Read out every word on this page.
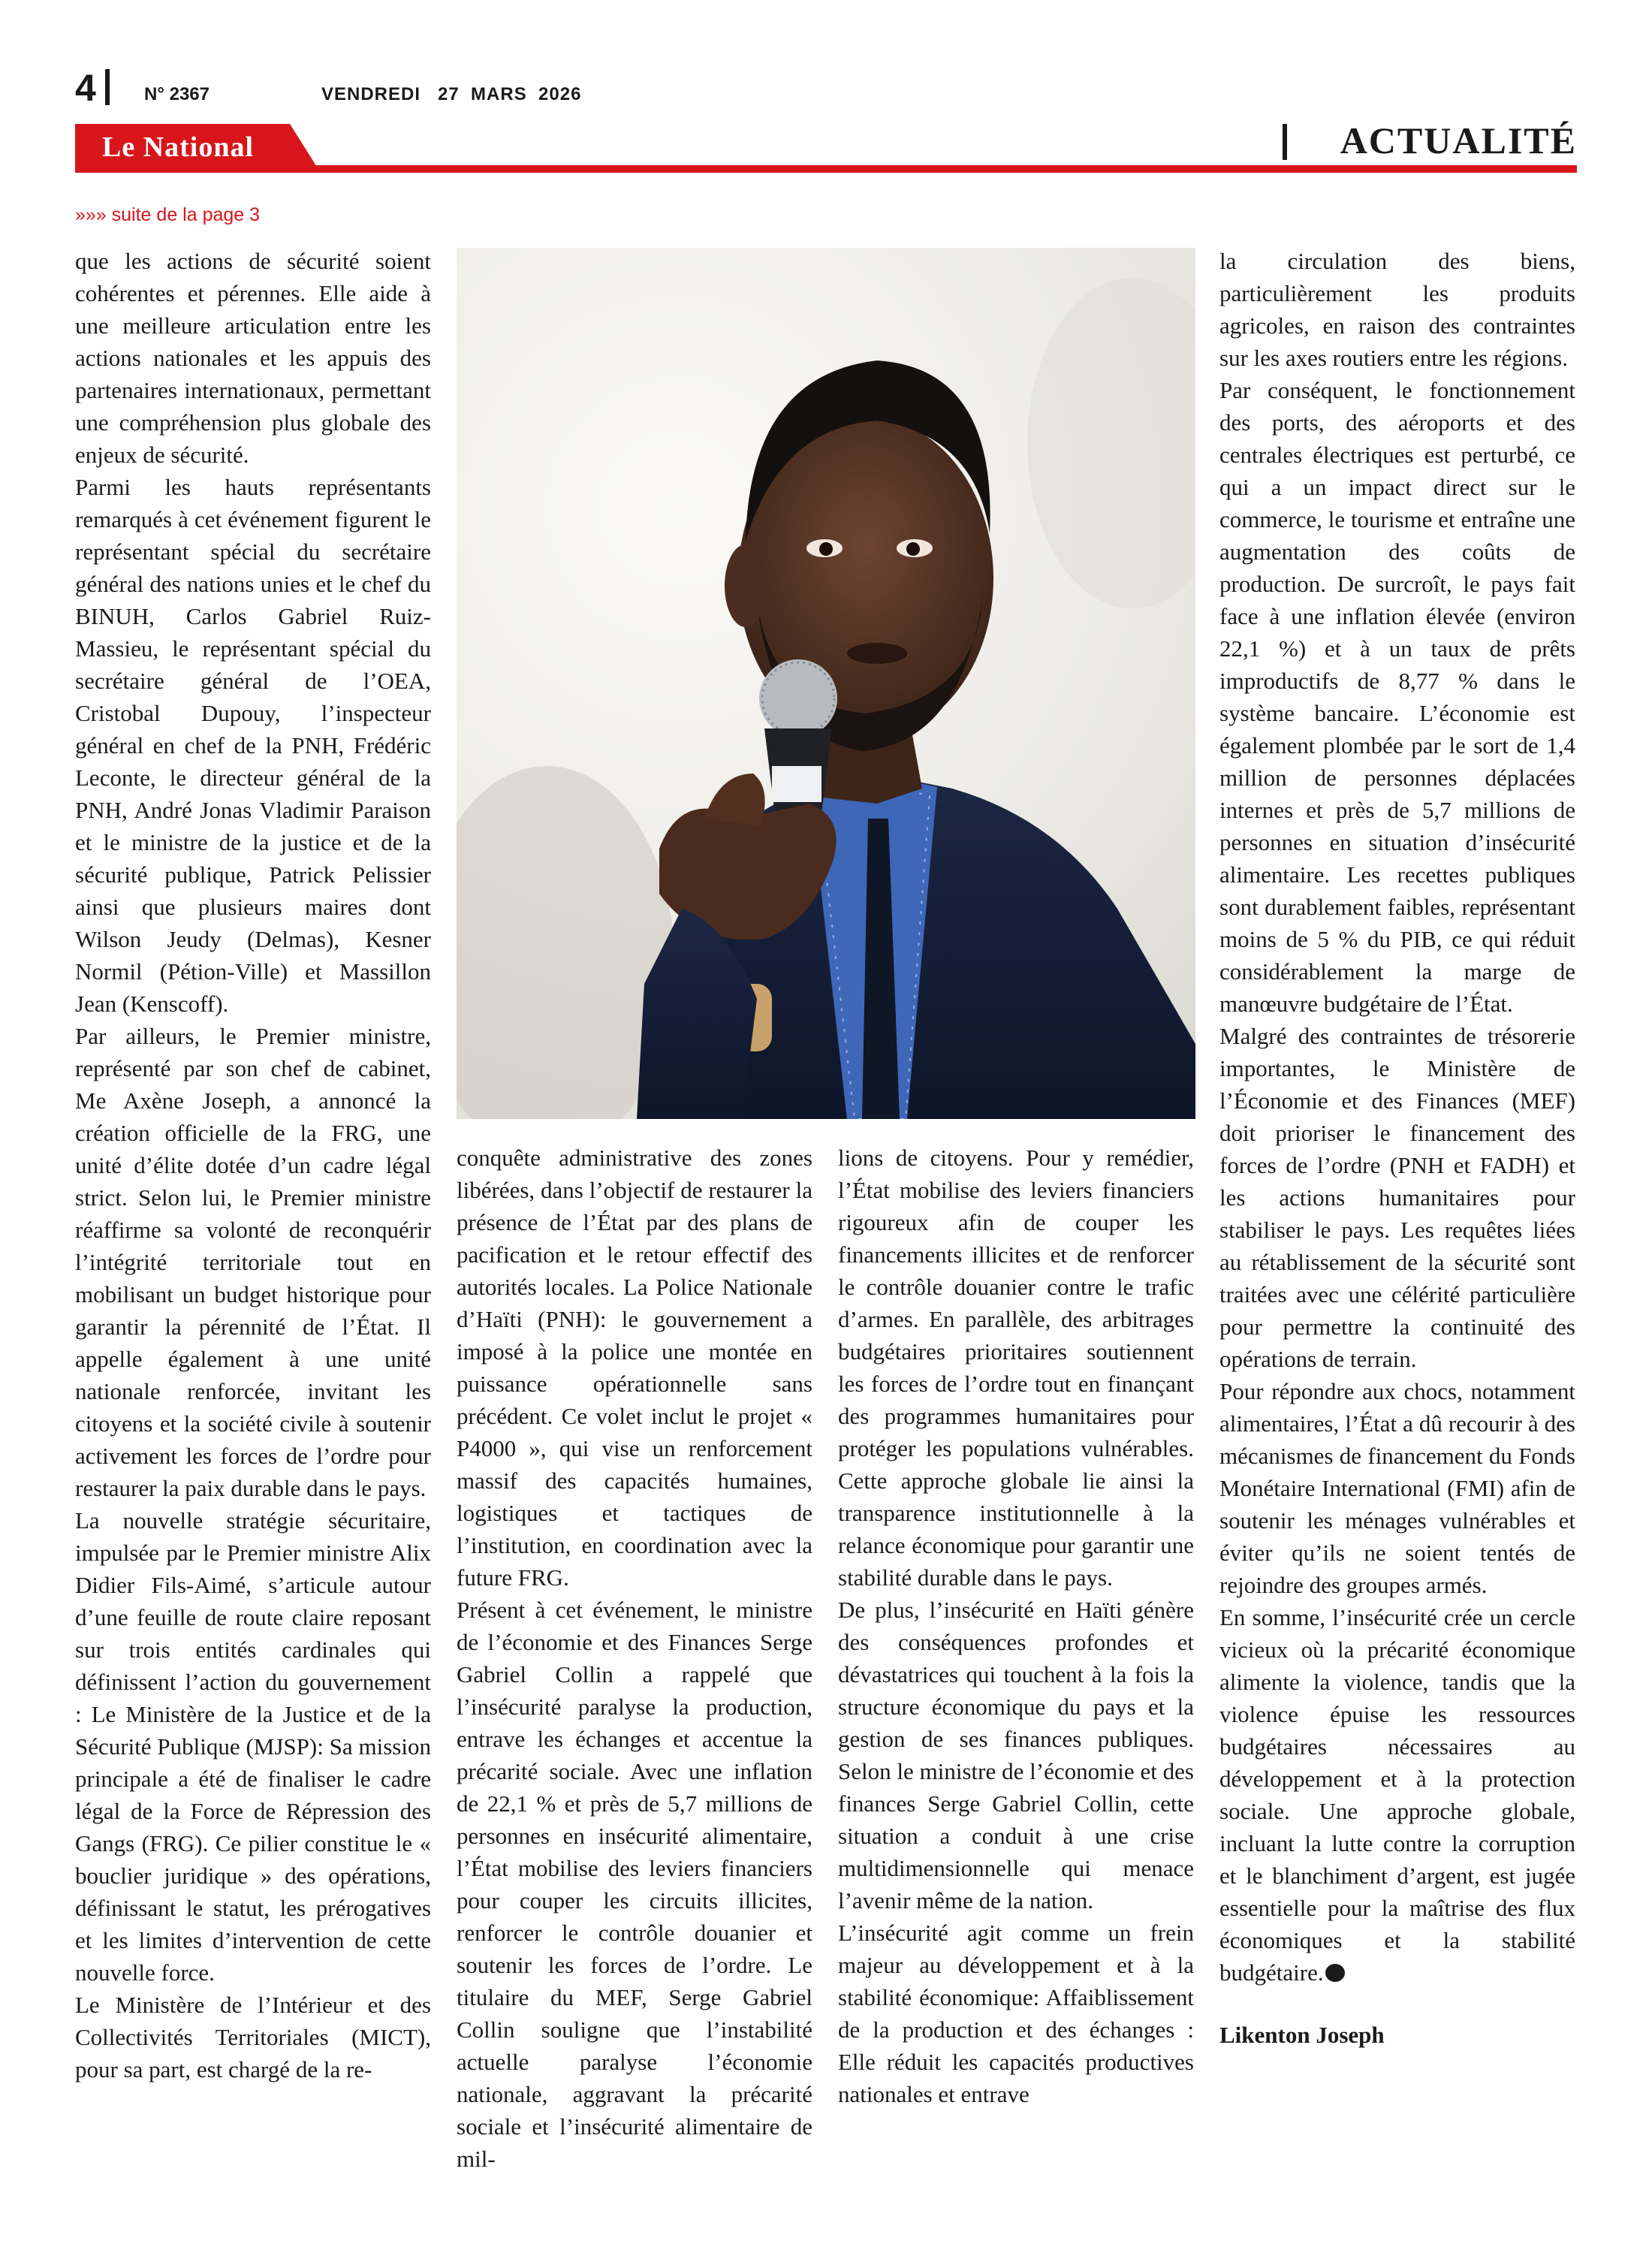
4	N° 2367	VENDREDI   27  MARS  2026
Le National	ACTUALITÉ
»»» suite de la page 3

que les actions de sécurité soient cohérentes et pérennes. Elle aide à une meilleure articulation entre les actions nationales et les appuis des partenaires internationaux, permettant une compréhension plus globale des enjeux de sécurité.

Parmi les hauts représentants remarqués à cet événement figurent le représentant spécial du secrétaire général des nations unies et le chef du BINUH, Carlos Gabriel Ruiz-Massieu, le représentant spécial du secrétaire général de l’OEA, Cristobal Dupouy, l’inspecteur général en chef de la PNH, Frédéric Leconte, le directeur général de la PNH, André Jonas Vladimir Paraison et le ministre de la justice et de la sécurité publique, Patrick Pelissier ainsi que plusieurs maires dont Wilson Jeudy (Delmas), Kesner Normil (Pétion-Ville) et Massillon Jean (Kenscoff).

Par ailleurs, le Premier ministre, représenté par son chef de cabinet, Me Axène Joseph, a annoncé la création officielle de la FRG, une unité d’élite dotée d’un cadre légal strict. Selon lui, le Premier ministre réaffirme sa volonté de reconquérir l’intégrité territoriale tout en mobilisant un budget historique pour garantir la pérennité de l’État. Il appelle également à une unité nationale renforcée, invitant les citoyens et la société civile à soutenir activement les forces de l’ordre pour restaurer la paix durable dans le pays.

La nouvelle stratégie sécuritaire, impulsée par le Premier ministre Alix Didier Fils-Aimé, s’articule autour d’une feuille de route claire reposant sur trois entités cardinales qui définissent l’action du gouvernement : Le Ministère de la Justice et de la Sécurité Publique (MJSP): Sa mission principale a été de finaliser le cadre légal de la Force de Répression des Gangs (FRG). Ce pilier constitue le « bouclier juridique » des opérations, définissant le statut, les prérogatives et les limites d’intervention de cette nouvelle force.

Le Ministère de l’Intérieur et des Collectivités Territoriales (MICT), pour sa part, est chargé de la re-

conquête administrative des zones libérées, dans l’objectif de restaurer la présence de l’État par des plans de pacification et le retour effectif des autorités locales. La Police Nationale d’Haïti (PNH): le gouvernement a imposé à la police une montée en puissance opérationnelle sans précédent. Ce volet inclut le projet « P4000 », qui vise un renforcement massif des capacités humaines, logistiques et tactiques de l’institution, en coordination avec la future FRG.

Présent à cet événement, le ministre de l’économie et des Finances Serge Gabriel Collin a rappelé que l’insécurité paralyse la production, entrave les échanges et accentue la précarité sociale. Avec une inflation de 22,1 % et près de 5,7 millions de personnes en insécurité alimentaire, l’État mobilise des leviers financiers pour couper les circuits illicites, renforcer le contrôle douanier et soutenir les forces de l’ordre. Le titulaire du MEF, Serge Gabriel Collin souligne que l’instabilité actuelle paralyse l’économie nationale, aggravant la précarité sociale et l’insécurité alimentaire de mil-

lions de citoyens. Pour y remédier, l’État mobilise des leviers financiers rigoureux afin de couper les financements illicites et de renforcer le contrôle douanier contre le trafic d’armes. En parallèle, des arbitrages budgétaires prioritaires soutiennent les forces de l’ordre tout en finançant des programmes humanitaires pour protéger les populations vulnérables. Cette approche globale lie ainsi la transparence institutionnelle à la relance économique pour garantir une stabilité durable dans le pays.

De plus, l’insécurité en Haïti génère des conséquences profondes et dévastatrices qui touchent à la fois la structure économique du pays et la gestion de ses finances publiques. Selon le ministre de l’économie et des finances Serge Gabriel Collin, cette situation a conduit à une crise multidimensionnelle qui menace l’avenir même de la nation.

L’insécurité agit comme un frein majeur au développement et à la stabilité économique: Affaiblissement de la production et des échanges : Elle réduit les capacités productives nationales et entrave

la circulation des biens, particulièrement les produits agricoles, en raison des contraintes sur les axes routiers entre les régions.

Par conséquent, le fonctionnement des ports, des aéroports et des centrales électriques est perturbé, ce qui a un impact direct sur le commerce, le tourisme et entraîne une augmentation des coûts de production. De surcroît, le pays fait face à une inflation élevée (environ 22,1 %) et à un taux de prêts improductifs de 8,77 % dans le système bancaire. L’économie est également plombée par le sort de 1,4 million de personnes déplacées internes et près de 5,7 millions de personnes en situation d’insécurité alimentaire. Les recettes publiques sont durablement faibles, représentant moins de 5 % du PIB, ce qui réduit considérablement la marge de manœuvre budgétaire de l’État.

Malgré des contraintes de trésorerie importantes, le Ministère de l’Économie et des Finances (MEF) doit prioriser le financement des forces de l’ordre (PNH et FADH) et les actions humanitaires pour stabiliser le pays. Les requêtes liées au rétablissement de la sécurité sont traitées avec une célérité particulière pour permettre la continuité des opérations de terrain.

Pour répondre aux chocs, notamment alimentaires, l’État a dû recourir à des mécanismes de financement du Fonds Monétaire International (FMI) afin de soutenir les ménages vulnérables et éviter qu’ils ne soient tentés de rejoindre des groupes armés.

En somme, l’insécurité crée un cercle vicieux où la précarité économique alimente la violence, tandis que la violence épuise les ressources budgétaires nécessaires au développement et à la protection sociale. Une approche globale, incluant la lutte contre la corruption et le blanchiment d’argent, est jugée essentielle pour la maîtrise des flux économiques et la stabilité budgétaire.

Likenton Joseph
